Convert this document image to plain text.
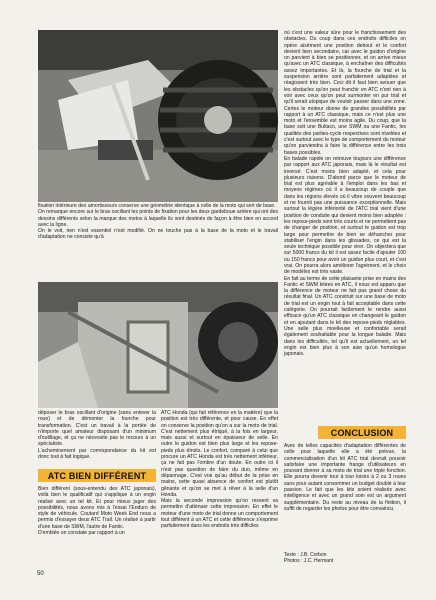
fixation intérieure des amortisseurs conserve une géométrie identique à celle de la moto qui sert de base.
On remarque encore sur le bras oscillant les points de fixation pour les deux gardeboue arrière qui ont des dessins différents selon la marque des motos à laquelle ils sont destinés de façon à être bien en accord avec la ligne.
On le voit, rien n'est essentiel n'est modifié. On ne touche pas à la base de la moto et le travail d'adaptation ne consiste qu'à

déposer le bras oscillant d'origine (sans enlever la roue) et de démonter la fourche pour transformation. C'est un travail à la portée de n'importe quel amateur disposant d'un minimum d'outillage, et ça ne nécessite pas le recours à un spécialiste.
L'acheminement par correspondance du kit est donc tout à fait logique.

ATC BIEN DIFFÉRENT

Bien différent (sous-entendu des ATC japonais), voilà bien le qualificatif qui s'applique à un engin réalisé avec un tel kit. Et pour mieux juger des possibilités, nous avons mis à l'essai l'Enduro de style de véhicule. Coutard Moto Week End nous a permis d'essayer deux ATC Trail. Un réalisé à partir d'une base de SWM, l'autre de Fantic.
D'emblée on constate par rapport à un

50

ATC Honda (qui fait référence en la matière) que la position est très différente, et pour cause. En effet on conserve la position qu'on a sur la moto de trial. C'est nettement plus étriqué, à la fois en largeur, mais aussi et surtout en épaisseur de selle. En outre le guidon est bien plus large et les repose-pieds plus étroits. Le confort, comparé à celui que procure un ATC Honda est très nettement inférieur, ça ne fait pas l'ombre d'un doute. En outre ici il n'est pas question de faire du duo, même en dépannage. C'est vrai qu'au début de la prise en mains, cette quasi absence de confort est plutôt gênante et qu'on se met à rêver à la selle d'un Honda.
Mais la seconde impression qu'on ressent va permettre d'atténuer cette impression. En effet le moteur d'une moto de trial donne un comportement tout différent à un ATC et cette différence s'exprime parfaitement dans les endroits très difficiles

où c'est une valeur sûre pour le franchissement des obstacles. Du coup dans ces endroits difficiles on opère aisément une position debout et le confort devient bien secondaire, car avec le guidon d'origine on parvient à bien se positionner, et on arrive mieux qu'avec un ATC classique, à enchaîner des difficultés assez importantes. Et là, la fourche de trial et la suspension arrière sont parfaitement adaptées et réagissent très bien. Ceci dit il faut bien avouer que les obstacles qu'on peut franchir en ATC n'ont rien à voir avec ceux qu'on peut surmonter en pur trial et qu'il serait utopique de vouloir passer dans une zone. Certes le moteur donne de grandes possibilités par rapport à un ATC classique, mais ce n'est plus une moto et l'ensemble est moins agile. Du coup, que la base soit une Bultaco, une SWM ou une Fantic, les qualités des parties-cycle respectives sont nivelées et c'est surtout avec le type de comportement du moteur qu'on parviendra à faire la différence entre les trois bases possibles.
En balade rapide on retrouve toujours une différence par rapport aux ATC japonais, mais là le résultat est inversé. C'est moins bien adapté, et cela pour plusieurs raisons. D'abord parce que le moteur de trial est plus agréable à l'emploi dans les bas et moyens régimes où il a beaucoup de couple que dans les régions élevés où il vibre souvent beaucoup et ne fournit pas une puissance exceptionnelle. Mais surtout la légère infériorité de l'ATC trial vient d'une position de conduite qui devient moins bien adaptée : les repose-pieds sont très courts et ne permettent pas de changer de position, et surtout le guidon est trop large pour permettre de bien se déhancher pour stabiliser l'engin dans les glissades, ce qui est la seule technique possible pour virer. On objectera que sur 5000 francs du kit il est assez facile d'ajouter 100 ou 150 francs pour avoir un guidon plus court, et c'est vrai. On pourra alors améliorer l'agrément, et le choix de modèles est très vaste.
En fait au terme de cette plaisante prise en mains des Fantic et SWM kitées en ATC, il nous est apparu que la différence de moteur ne fait pas grand chose du résultat final. Un ATC construit sur une base de moto de trial est un engin tout à fait acceptable dans cette catégorie. On pourrait facilement le rendre aussi efficace qu'un ATC classique en changeant le guidon et en ajoutant dans le kit des repose-pieds réglables. Une selle plus moelleuse et confortable serait également souhaitable pour la longue balade. Mais dans les difficultés, tel qu'il est actuellement, un tel engin est bien plus à son aise qu'un homologue japonais.

CONCLUSION

Avec de telles capacités d'adaptation différentes de celle pour laquelle elle a été prévue, la commercialisation d'un kit ATC trial devrait pouvoir satisfaire une importante frange d'utilisateurs en pouvant donner à sa moto de trial une triple fonction. Elle pourra devenir tour à tour loisirs à 2 ou 3 roues sans pour autant consommer un budget doublé à leur passion. Le fait que les kits soient réalisés avec intelligence et avec un grand soin est un argument supplémentaire. Du reste au niveau de la finition, il suffit de regarder les photos pour être convaincu.

Texte : J.B. Corbon
Photos : J.C. Hermant
